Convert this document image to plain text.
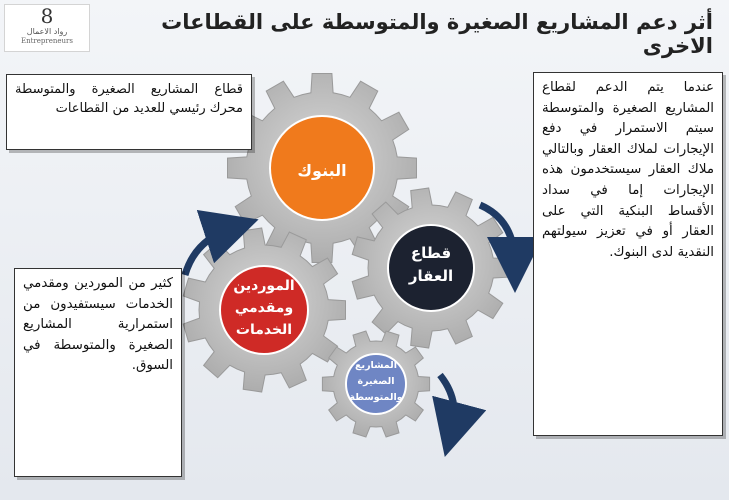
8
رواد الاعمال
Entrepreneurs
أثر دعم المشاريع الصغيرة والمتوسطة على القطاعات الاخرى
البنوك
قطاع
العقار
الموردين
ومقدمي
الخدمات
المشاريع
الصغيرة
والمتوسطة
قطاع المشاريع الصغيرة والمتوسطة محرك رئيسي للعديد من القطاعات
عندما يتم الدعم لقطاع المشاريع الصغيرة والمتوسطة سيتم الاستمرار في دفع الإيجارات لملاك العقار وبالتالي ملاك العقار سيستخدمون هذه الإيجارات إما في سداد الأقساط البنكية التي على العقار أو في تعزيز سيولتهم النقدية لدى البنوك.
كثير من الموردين ومقدمي الخدمات سيستفيدون من استمرارية المشاريع الصغيرة والمتوسطة في السوق.
